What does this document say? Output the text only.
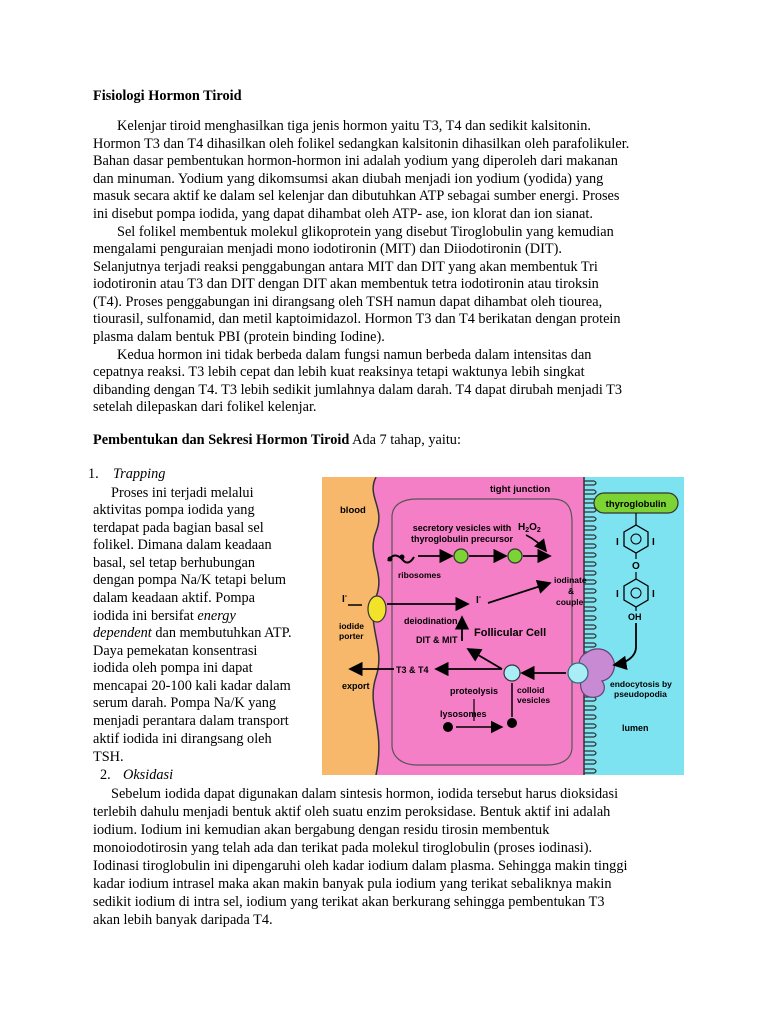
Fisiologi Hormon Tiroid
Kelenjar tiroid menghasilkan tiga jenis hormon yaitu T3, T4 dan sedikit kalsitonin.
Hormon T3 dan T4 dihasilkan oleh folikel sedangkan kalsitonin dihasilkan oleh parafolikuler.
Bahan dasar pembentukan hormon-hormon ini adalah yodium yang diperoleh dari makanan
dan minuman. Yodium yang dikomsumsi akan diubah menjadi ion yodium (yodida) yang
masuk secara aktif ke dalam sel kelenjar dan dibutuhkan ATP sebagai sumber energi. Proses
ini disebut pompa iodida, yang dapat dihambat oleh ATP- ase, ion klorat dan ion sianat.
Sel folikel membentuk molekul glikoprotein yang disebut Tiroglobulin yang kemudian
mengalami penguraian menjadi mono iodotironin (MIT) dan Diiodotironin (DIT).
Selanjutnya terjadi reaksi penggabungan antara MIT dan DIT yang akan membentuk Tri
iodotironin atau T3 dan DIT dengan DIT akan membentuk tetra iodotironin atau tiroksin
(T4). Proses penggabungan ini dirangsang oleh TSH namun dapat dihambat oleh tiourea,
tiourasil, sulfonamid, dan metil kaptoimidazol. Hormon T3 dan T4 berikatan dengan protein
plasma dalam bentuk PBI (protein binding Iodine).
Kedua hormon ini tidak berbeda dalam fungsi namun berbeda dalam intensitas dan
cepatnya reaksi. T3 lebih cepat dan lebih kuat reaksinya tetapi waktunya lebih singkat
dibanding dengan T4. T3 lebih sedikit jumlahnya dalam darah. T4 dapat dirubah menjadi T3
setelah dilepaskan dari folikel kelenjar.
Pembentukan dan Sekresi Hormon Tiroid Ada 7 tahap, yaitu:
1. Trapping
Proses ini terjadi melalui
aktivitas pompa iodida yang
terdapat pada bagian basal sel
folikel. Dimana dalam keadaan
basal, sel tetap berhubungan
dengan pompa Na/K tetapi belum
dalam keadaan aktif. Pompa
iodida ini bersifat energy
dependent dan membutuhkan ATP.
Daya pemekatan konsentrasi
iodida oleh pompa ini dapat
mencapai 20-100 kali kadar dalam
serum darah. Pompa Na/K yang
menjadi perantara dalam transport
aktif iodida ini dirangsang oleh
TSH.
2. Oksidasi
Sebelum iodida dapat digunakan dalam sintesis hormon, iodida tersebut harus dioksidasi
terlebih dahulu menjadi bentuk aktif oleh suatu enzim peroksidase. Bentuk aktif ini adalah
iodium. Iodium ini kemudian akan bergabung dengan residu tirosin membentuk
monoiodotirosin yang telah ada dan terikat pada molekul tiroglobulin (proses iodinasi).
Iodinasi tiroglobulin ini dipengaruhi oleh kadar iodium dalam plasma. Sehingga makin tinggi
kadar iodium intrasel maka akan makin banyak pula iodium yang terikat sebaliknya makin
sedikit iodium di intra sel, iodium yang terikat akan berkurang sehingga pembentukan T3
akan lebih banyak daripada T4.
thyroglobulin
I	I
O
I	I
OH
blood
tight junction
secretory vesicles with
thyroglobulin precursor
$H_2O_2$
ribosomes
I-
iodide
porter
I-
iodinate
&
couple
deiodination
DIT & MIT
Follicular Cell
T3 & T4
export	proteolysis colloid
vesicles
lysosomes
endocytosis by
pseudopodia
lumen
